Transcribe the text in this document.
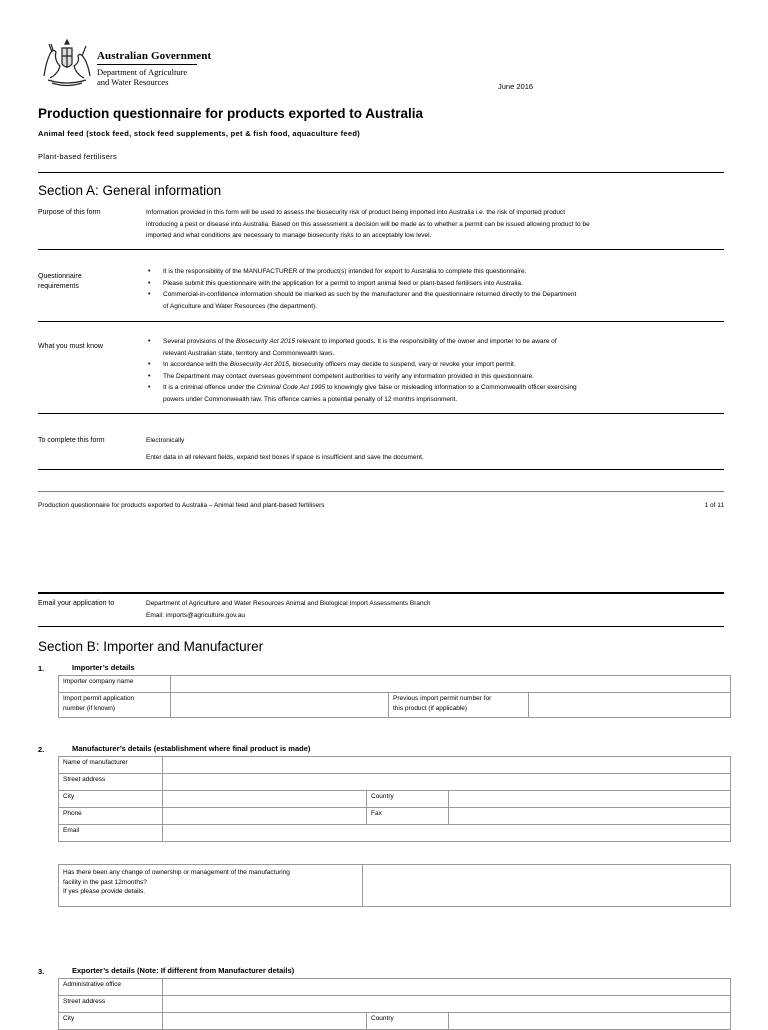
Australian Government
Department of Agriculture
and Water Resources	June 2016
Production questionnaire for products exported to Australia
Animal feed (stock feed, stock feed supplements, pet & fish food, aquaculture feed)
Plant-based fertilisers
Section A: General information
Purpose of this form	Information provided in this form will be used to assess the biosecurity risk of product being imported into Australia i.e. the risk of imported product
introducing a pest or disease into Australia. Based on this assessment a decision will be made as to whether a permit can be issued allowing product to be
imported and what conditions are necessary to manage biosecurity risks to an acceptably low level.
Questionnaire
requirements
• It is the responsibility of the MANUFACTURER of the product(s) intended for export to Australia to complete this questionnaire.
• Please submit this questionnaire with the application for a permit to import animal feed or plant-based fertilisers into Australia.
• Commercial-in-confidence information should be marked as such by the manufacturer and the questionnaire returned directly to the Department
of Agriculture and Water Resources (the department).
What you must know
• Several provisions of the Biosecurity Act 2015 relevant to imported goods. It is the responsibility of the owner and importer to be aware of
relevant Australian state, territory and Commonwealth laws.
• In accordance with the Biosecurity Act 2015, biosecurity officers may decide to suspend, vary or revoke your import permit.
• The Department may contact overseas government competent authorities to verify any information provided in this questionnaire.
• It is a criminal offence under the Criminal Code Act 1995 to knowingly give false or misleading information to a Commonwealth officer exercising
powers under Commonwealth law. This offence carries a potential penalty of 12 months imprisonment.
To complete this form	Electronically
Enter data in all relevant fields, expand text boxes if space is insufficient and save the document.
Production questionnaire for products exported to Australia – Animal feed and plant-based fertilisers	1 of 11
Email your application to	Department of Agriculture and Water Resources Animal and Biological Import Assessments Branch
Email: imports@agriculture.gov.au
Section B: Importer and Manufacturer
1.	Importer’s details
Importer company name			
Import permit application
number (if known)		Previous import permit number for
this product (if applicable)	
2.	Manufacturer’s details (establishment where final product is made)
Name of manufacturer			
Street address			
City		Country	
Phone		Fax	
Email			
Has there been any change of ownership or management of the manufacturing
facility in the past 12months?
If yes please provide details.	
3.	Exporter’s details (Note: If different from Manufacturer details)
Administrative office			
Street address			
City		Country	
